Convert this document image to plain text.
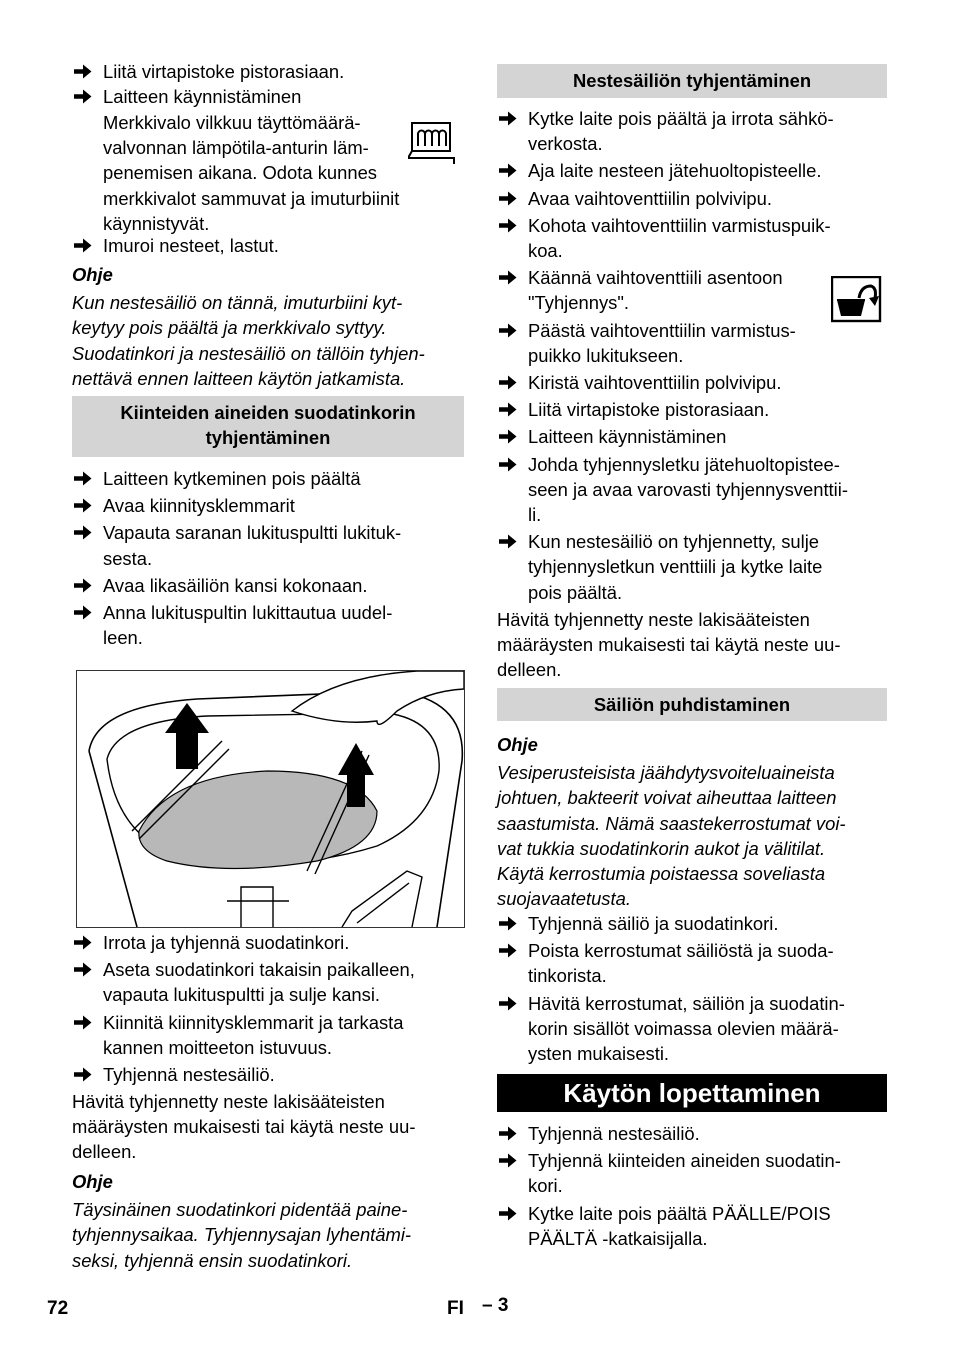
Liitä virtapistoke pistorasiaan.
Laitteen käynnistäminen
Merkkivalo vilkkuu täyttömäärä-
valvonnan lämpötila-anturin läm-
penemisen aikana. Odota kunnes
merkkivalot sammuvat ja imuturbiinit
käynnistyvät.
Imuroi nesteet, lastut.
Ohje
Kun nestesäiliö on tännä, imuturbiini kyt-
keytyy pois päältä ja merkkivalo syttyy.
Suodatinkori ja nestesäiliö on tällöin tyhjen-
nettävä ennen laitteen käytön jatkamista.
Kiinteiden aineiden suodatinkorin
tyhjentäminen
Laitteen kytkeminen pois päältä
Avaa kiinnitysklemmarit
Vapauta saranan lukituspultti lukituk-
sesta.
Avaa likasäiliön kansi kokonaan.
Anna lukituspultin lukittautua uudel-
leen.
Irrota ja tyhjennä suodatinkori.
Aseta suodatinkori takaisin paikalleen,
vapauta lukituspultti ja sulje kansi.
Kiinnitä kiinnitysklemmarit ja tarkasta
kannen moitteeton istuvuus.
Tyhjennä nestesäiliö.
Hävitä tyhjennetty neste lakisääteisten
määräysten mukaisesti tai käytä neste uu-
delleen.
Ohje
Täysinäinen suodatinkori pidentää paine-
tyhjennysaikaa. Tyhjennysajan lyhentämi-
seksi, tyhjennä ensin suodatinkori.
Nestesäiliön tyhjentäminen
Kytke laite pois päältä ja irrota sähkö-
verkosta.
Aja laite nesteen jätehuoltopisteelle.
Avaa vaihtoventtiilin polvivipu.
Kohota vaihtoventtiilin varmistuspuik-
koa.
Käännä vaihtoventtiili asentoon
"Tyhjennys".
Päästä vaihtoventtiilin varmistus-
puikko lukitukseen.
Kiristä vaihtoventtiilin polvivipu.
Liitä virtapistoke pistorasiaan.
Laitteen käynnistäminen
Johda tyhjennysletku jätehuoltopistee-
seen ja avaa varovasti tyhjennysventtii-
li.
Kun nestesäiliö on tyhjennetty, sulje
tyhjennysletkun venttiili ja kytke laite
pois päältä.
Hävitä tyhjennetty neste lakisääteisten
määräysten mukaisesti tai käytä neste uu-
delleen.
Säiliön puhdistaminen
Ohje
Vesiperusteisista jäähdytysvoiteluaineista
johtuen, bakteerit voivat aiheuttaa laitteen
saastumista. Nämä saastekerrostumat voi-
vat tukkia suodatinkorin aukot ja välitilat.
Käytä kerrostumia poistaessa soveliasta
suojavaatetusta.
Tyhjennä säiliö ja suodatinkori.
Poista kerrostumat säiliöstä ja suoda-
tinkorista.
Hävitä kerrostumat, säiliön ja suodatin-
korin sisällöt voimassa olevien määrä-
ysten mukaisesti.
Käytön lopettaminen
Tyhjennä nestesäiliö.
Tyhjennä kiinteiden aineiden suodatin-
kori.
Kytke laite pois päältä PÄÄLLE/POIS
PÄÄLTÄ -katkaisijalla.
72	FI – 3
